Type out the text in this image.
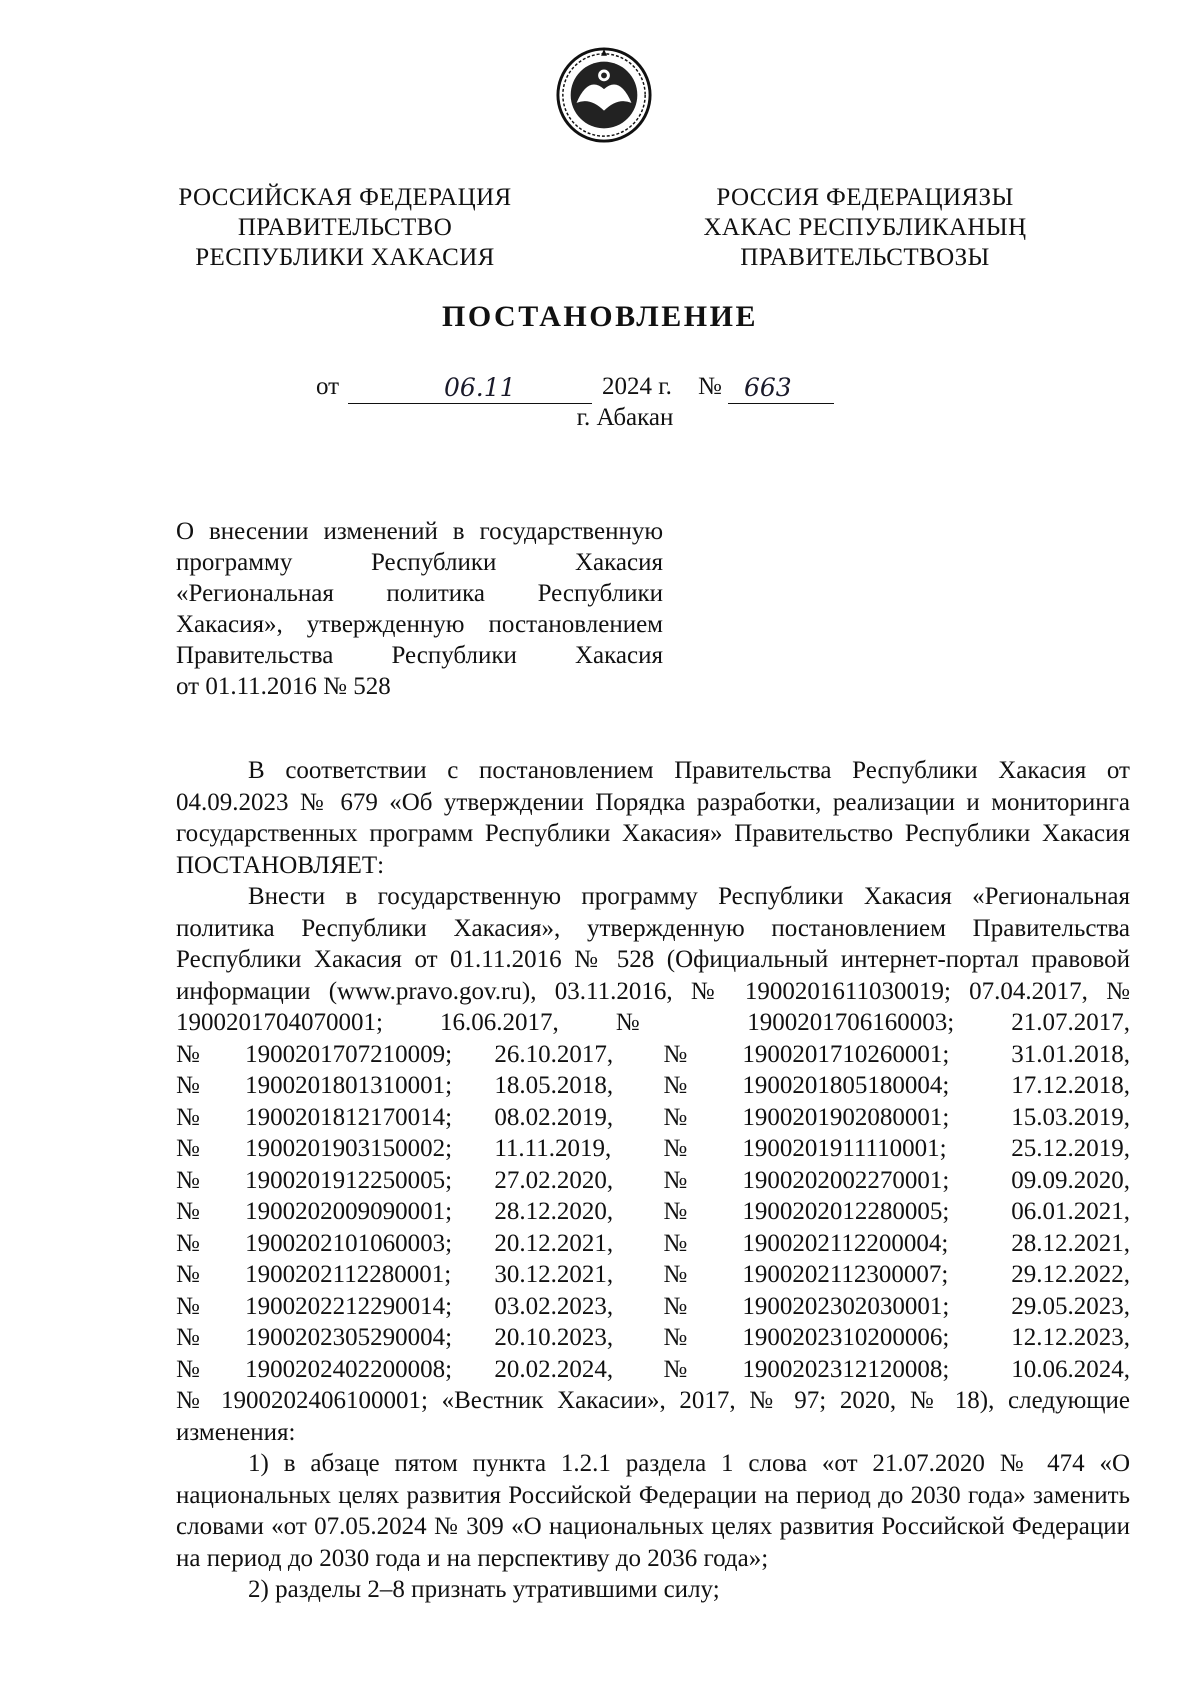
РОССИЙСКАЯ ФЕДЕРАЦИЯ
ПРАВИТЕЛЬСТВО
РЕСПУБЛИКИ ХАКАСИЯ
РОССИЯ ФЕДЕРАЦИЯЗЫ
ХАКАС РЕСПУБЛИКАНЫҢ
ПРАВИТЕЛЬСТВОЗЫ
ПОСТАНОВЛЕНИЕ
от	06.11	2024 г. № 663
г. Абакан
О внесении изменений в государственную
программу Республики Хакасия
«Региональная политика Республики
Хакасия», утвержденную постановлением
Правительства Республики Хакасия
от 01.11.2016 № 528

В соответствии с постановлением Правительства Республики Хакасия от 04.09.2023 № 679 «Об утверждении Порядка разработки, реализации и мониторинга государственных программ Республики Хакасия» Правительство Республики Хакасия ПОСТАНОВЛЯЕТ:

Внести в государственную программу Республики Хакасия «Региональная политика Республики Хакасия», утвержденную постановлением Правительства Республики Хакасия от 01.11.2016 № 528 (Официальный интернет-портал правовой информации (www.pravo.gov.ru), 03.11.2016, № 1900201611030019; 07.04.2017, № 1900201704070001; 16.06.2017, № 1900201706160003; 21.07.2017,

№	1900201707210009;	26.10.2017,	№	1900201710260001;	31.01.2018,
№	1900201801310001;	18.05.2018,	№	1900201805180004;	17.12.2018,
№	1900201812170014;	08.02.2019,	№	1900201902080001;	15.03.2019,
№	1900201903150002;	11.11.2019,	№	1900201911110001;	25.12.2019,
№	1900201912250005;	27.02.2020,	№	1900202002270001;	09.09.2020,
№	1900202009090001;	28.12.2020,	№	1900202012280005;	06.01.2021,
№	1900202101060003;	20.12.2021,	№	1900202112200004;	28.12.2021,
№	1900202112280001;	30.12.2021,	№	1900202112300007;	29.12.2022,
№	1900202212290014;	03.02.2023,	№	1900202302030001;	29.05.2023,
№	1900202305290004;	20.10.2023,	№	1900202310200006;	12.12.2023,
№	1900202402200008;	20.02.2024,	№	1900202312120008;	10.06.2024,

№ 1900202406100001; «Вестник Хакасии», 2017, № 97; 2020, № 18), следующие изменения:

1) в абзаце пятом пункта 1.2.1 раздела 1 слова «от 21.07.2020 № 474 «О национальных целях развития Российской Федерации на период до 2030 года» заменить словами «от 07.05.2024 № 309 «О национальных целях развития Российской Федерации на период до 2030 года и на перспективу до 2036 года»;

2) разделы 2–8 признать утратившими силу;
